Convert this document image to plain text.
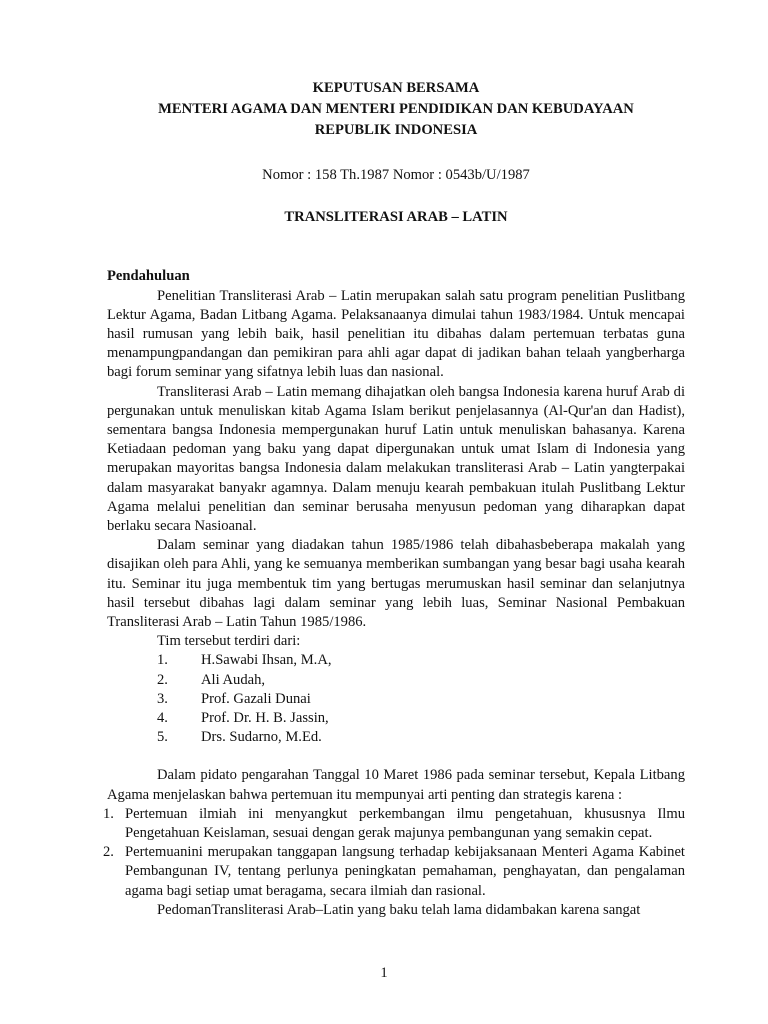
KEPUTUSAN BERSAMA
MENTERI AGAMA DAN MENTERI PENDIDIKAN DAN KEBUDAYAAN
REPUBLIK INDONESIA
Nomor : 158 Th.1987 Nomor : 0543b/U/1987
TRANSLITERASI ARAB – LATIN
Pendahuluan

Penelitian Transliterasi Arab – Latin merupakan salah satu program penelitian Puslitbang Lektur Agama, Badan Litbang Agama. Pelaksanaanya dimulai tahun 1983/1984. Untuk mencapai hasil rumusan yang lebih baik, hasil penelitian itu dibahas dalam pertemuan terbatas guna menampungpandangan dan pemikiran para ahli agar dapat di jadikan bahan telaah yangberharga bagi forum seminar yang sifatnya lebih luas dan nasional.

Transliterasi Arab – Latin memang dihajatkan oleh bangsa Indonesia karena huruf Arab di pergunakan untuk menuliskan kitab Agama Islam berikut penjelasannya (Al-Qur'an dan Hadist), sementara bangsa Indonesia mempergunakan huruf Latin untuk menuliskan bahasanya. Karena Ketiadaan pedoman yang baku yang dapat dipergunakan untuk umat Islam di Indonesia yang merupakan mayoritas bangsa Indonesia dalam melakukan transliterasi Arab – Latin yangterpakai dalam masyarakat banyakr agamnya. Dalam menuju kearah pembakuan itulah Puslitbang Lektur Agama melalui penelitian dan seminar berusaha menyusun pedoman yang diharapkan dapat berlaku secara Nasioanal.

Dalam seminar yang diadakan tahun 1985/1986 telah dibahasbeberapa makalah yang disajikan oleh para Ahli, yang ke semuanya memberikan sumbangan yang besar bagi usaha kearah itu. Seminar itu juga membentuk tim yang bertugas merumuskan hasil seminar dan selanjutnya hasil tersebut dibahas lagi dalam seminar yang lebih luas, Seminar Nasional Pembakuan Transliterasi Arab – Latin Tahun 1985/1986.

Tim tersebut terdiri dari:
1.	H.Sawabi Ihsan, M.A,
2.	Ali Audah,
3.	Prof. Gazali Dunai
4.	Prof. Dr. H. B. Jassin,
5.	Drs. Sudarno, M.Ed.

Dalam pidato pengarahan Tanggal 10 Maret 1986 pada seminar tersebut, Kepala Litbang Agama menjelaskan bahwa pertemuan itu mempunyai arti penting dan strategis karena :

1. Pertemuan ilmiah ini menyangkut perkembangan ilmu pengetahuan, khususnya Ilmu Pengetahuan Keislaman, sesuai dengan gerak majunya pembangunan yang semakin cepat.
2. Pertemuanini merupakan tanggapan langsung terhadap kebijaksanaan Menteri Agama Kabinet Pembangunan IV, tentang perlunya peningkatan pemahaman, penghayatan, dan pengalaman agama bagi setiap umat beragama, secara ilmiah dan rasional.

PedomanTransliterasi Arab–Latin yang baku telah lama didambakan karena sangat

1
